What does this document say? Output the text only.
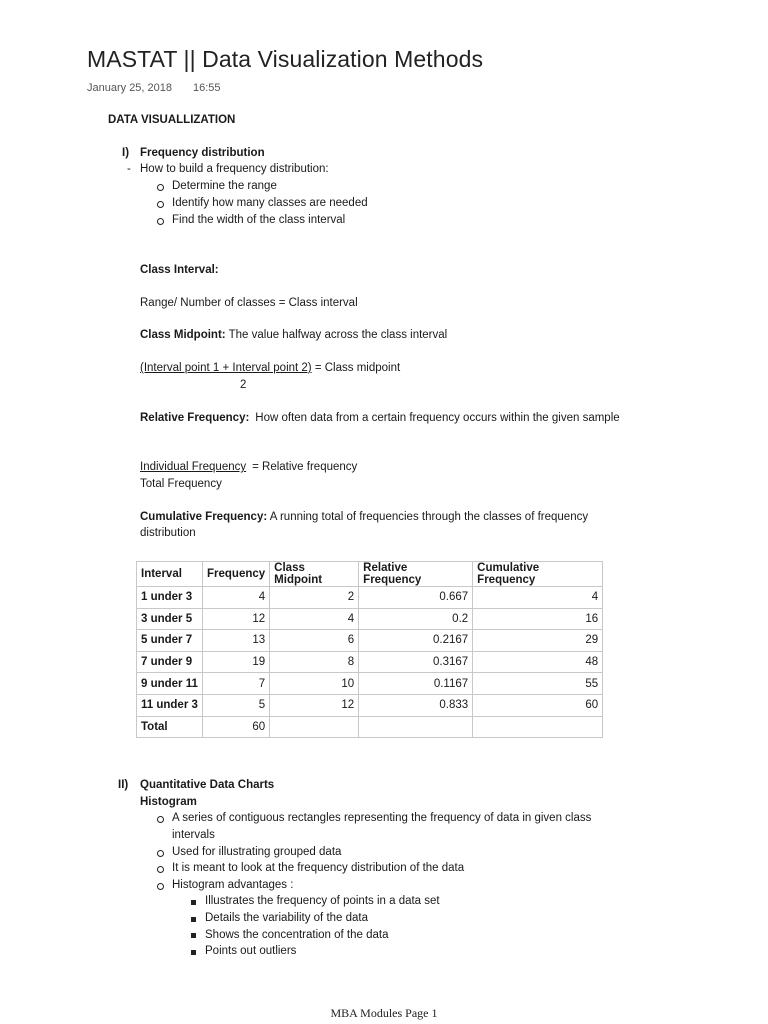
MASTAT || Data Visualization Methods
January 25, 2018 16:55
DATA VISUALLIZATION
I) Frequency distribution
- How to build a frequency distribution:
Determine the range
Identify how many classes are needed
Find the width of the class interval
Class Interval:
Range/ Number of classes = Class interval
Class Midpoint: The value halfway across the class interval
(Interval point 1 + Interval point 2) = Class midpoint
2
Relative Frequency: How often data from a certain frequency occurs within the given sample
Individual Frequency = Relative frequency
Total Frequency
Cumulative Frequency: A running total of frequencies through the classes of frequency
distribution
Interval	Frequency	Class Midpoint	Relative Frequency	Cumulative Frequency
1 under 3	4	2	0.667	4
3 under 5	12	4	0.2	16
5 under 7	13	6	0.2167	29
7 under 9	19	8	0.3167	48
9 under 11	7	10	0.1167	55
11 under 3	5	12	0.833	60
Total	60			
II) Quantitative Data Charts
Histogram
A series of contiguous rectangles representing the frequency of data in given class
intervals
Used for illustrating grouped data
It is meant to look at the frequency distribution of the data
Histogram advantages :
Illustrates the frequency of points in a data set
Details the variability of the data
Shows the concentration of the data
Points out outliers
MBA Modules Page 1
